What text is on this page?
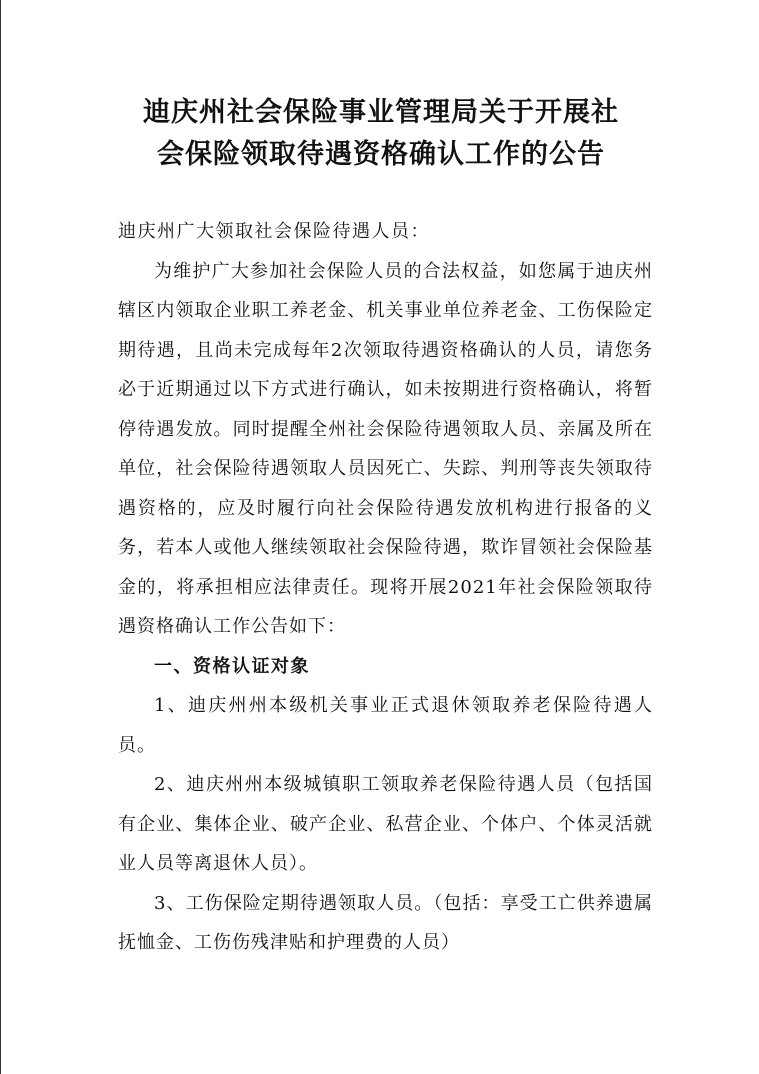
迪庆州社会保险事业管理局关于开展社
会保险领取待遇资格确认工作的公告

迪庆州广大领取社会保险待遇人员：

为维护广大参加社会保险人员的合法权益，如您属于迪庆州辖区内领取企业职工养老金、机关事业单位养老金、工伤保险定期待遇，且尚未完成每年2次领取待遇资格确认的人员，请您务必于近期通过以下方式进行确认，如未按期进行资格确认，将暂停待遇发放。同时提醒全州社会保险待遇领取人员、亲属及所在单位，社会保险待遇领取人员因死亡、失踪、判刑等丧失领取待遇资格的，应及时履行向社会保险待遇发放机构进行报备的义务，若本人或他人继续领取社会保险待遇，欺诈冒领社会保险基金的，将承担相应法律责任。现将开展2021年社会保险领取待遇资格确认工作公告如下：

一、资格认证对象

1、迪庆州州本级机关事业正式退休领取养老保险待遇人员。

2、迪庆州州本级城镇职工领取养老保险待遇人员（包括国有企业、集体企业、破产企业、私营企业、个体户、个体灵活就业人员等离退休人员）。

3、工伤保险定期待遇领取人员。（包括：享受工亡供养遗属抚恤金、工伤伤残津贴和护理费的人员）
